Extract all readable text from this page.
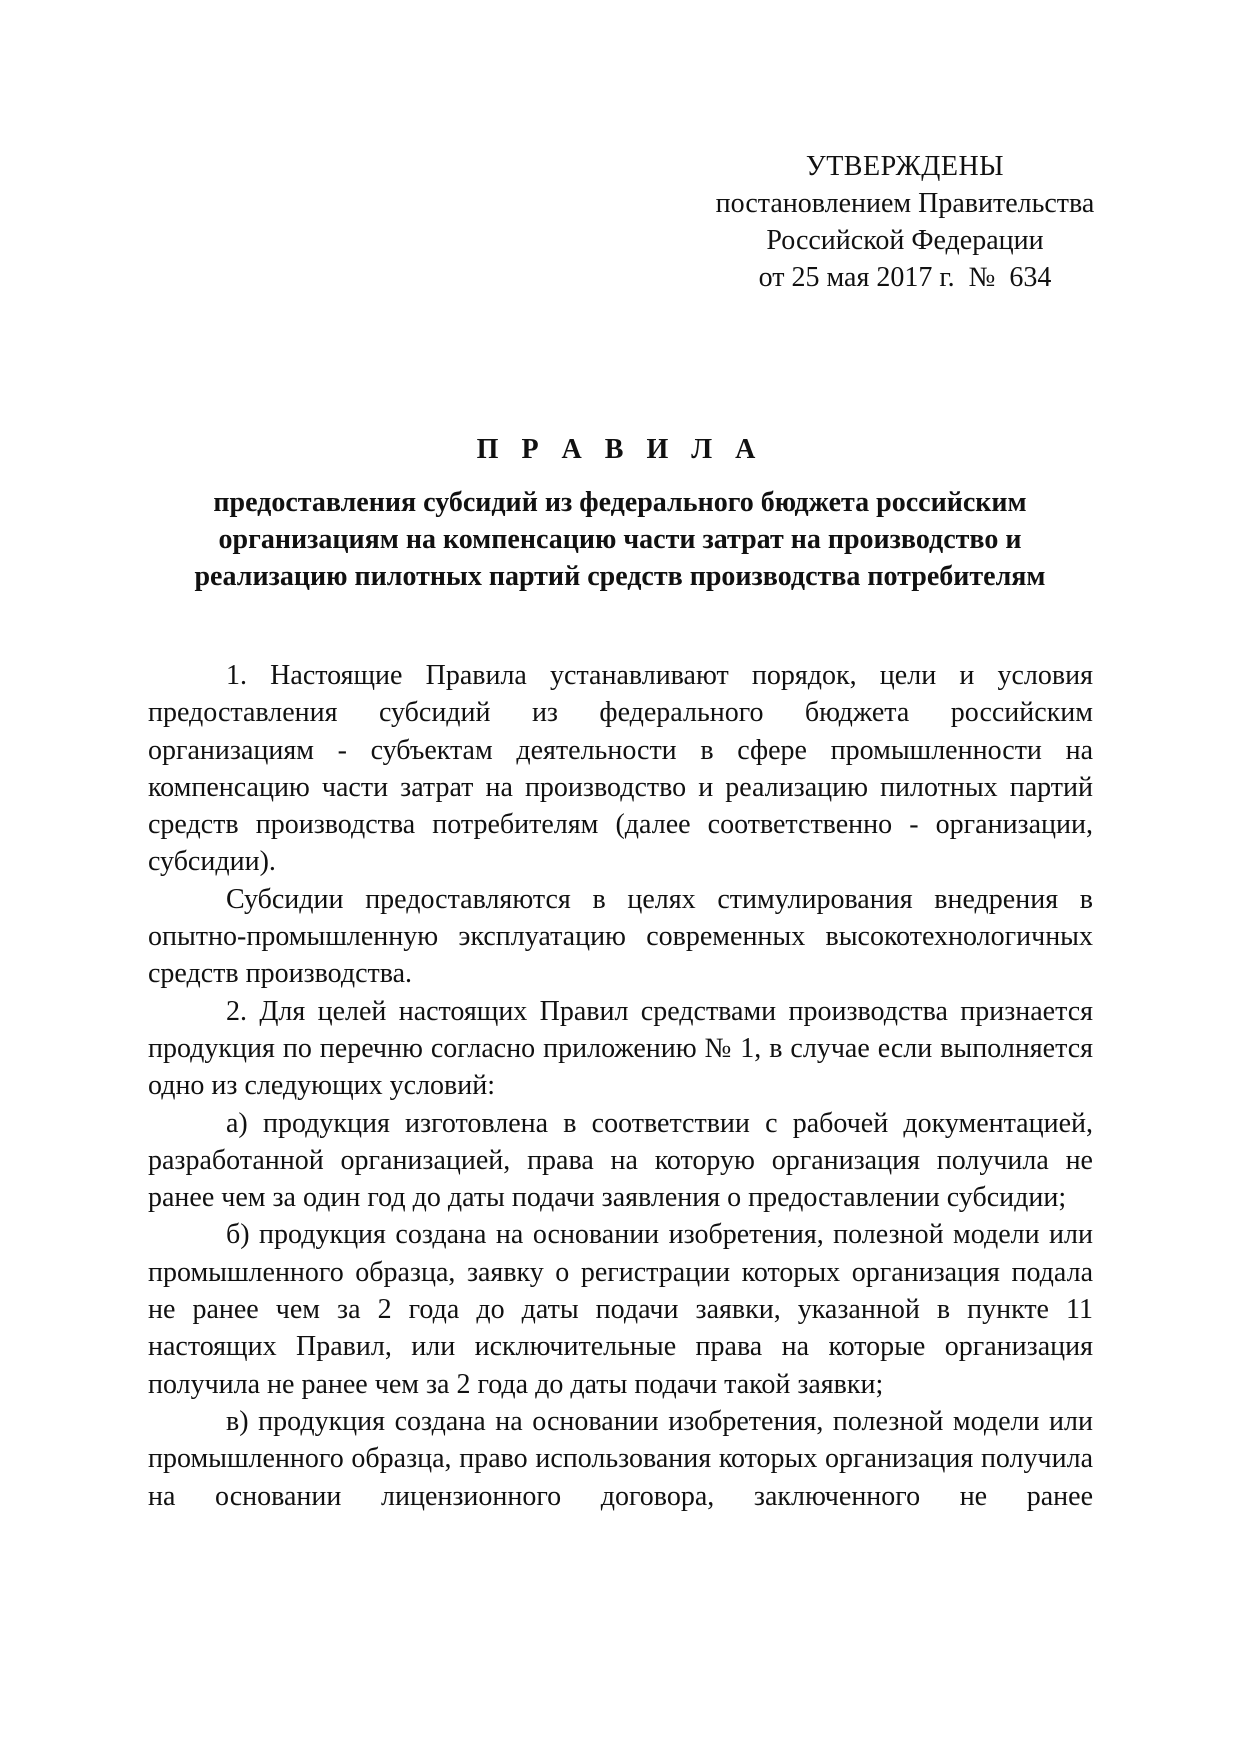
УТВЕРЖДЕНЫ
постановлением Правительства
Российской Федерации
от 25 мая 2017 г.  №  634
П Р А В И Л А
предоставления субсидий из федерального бюджета российским
организациям на компенсацию части затрат на производство и
реализацию пилотных партий средств производства потребителям

1. Настоящие Правила устанавливают порядок, цели и условия предоставления субсидий из федерального бюджета российским организациям - субъектам деятельности в сфере промышленности на компенсацию части затрат на производство и реализацию пилотных партий средств производства потребителям (далее соответственно - организации, субсидии).

Субсидии предоставляются в целях стимулирования внедрения в опытно-промышленную эксплуатацию современных высокотехнологичных средств производства.

2. Для целей настоящих Правил средствами производства признается продукция по перечню согласно приложению № 1, в случае если выполняется одно из следующих условий:

а) продукция изготовлена в соответствии с рабочей документацией, разработанной организацией, права на которую организация получила не ранее чем за один год до даты подачи заявления о предоставлении субсидии;

б) продукция создана на основании изобретения, полезной модели или промышленного образца, заявку о регистрации которых организация подала не ранее чем за 2 года до даты подачи заявки, указанной в пункте 11 настоящих Правил, или исключительные права на которые организация получила не ранее чем за 2 года до даты подачи такой заявки;

в) продукция создана на основании изобретения, полезной модели или промышленного образца, право использования которых организация получила на основании лицензионного договора, заключенного не ранее
